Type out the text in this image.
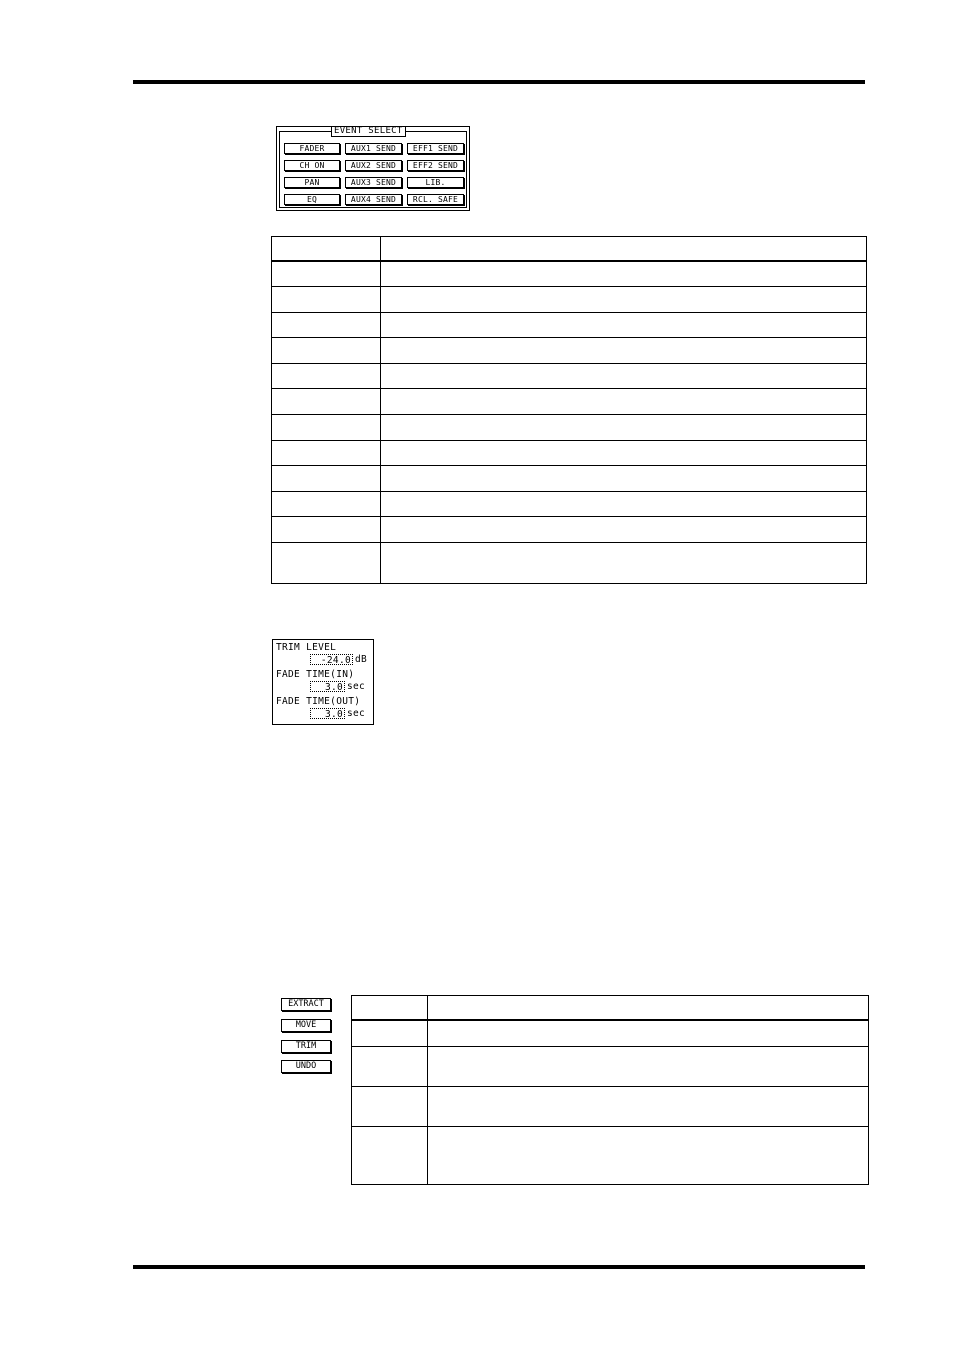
EVENT SELECT
FADER	AUX1 SEND	EFF1 SEND
CH ON	AUX2 SEND	EFF2 SEND
PAN	AUX3 SEND	LIB.
EQ	AUX4 SEND	RCL. SAFE
TRIM LEVEL
-24.0 dB
FADE TIME(IN)
3.0 sec
FADE TIME(OUT)
3.0 sec
EXTRACT
MOVE
TRIM
UNDO
